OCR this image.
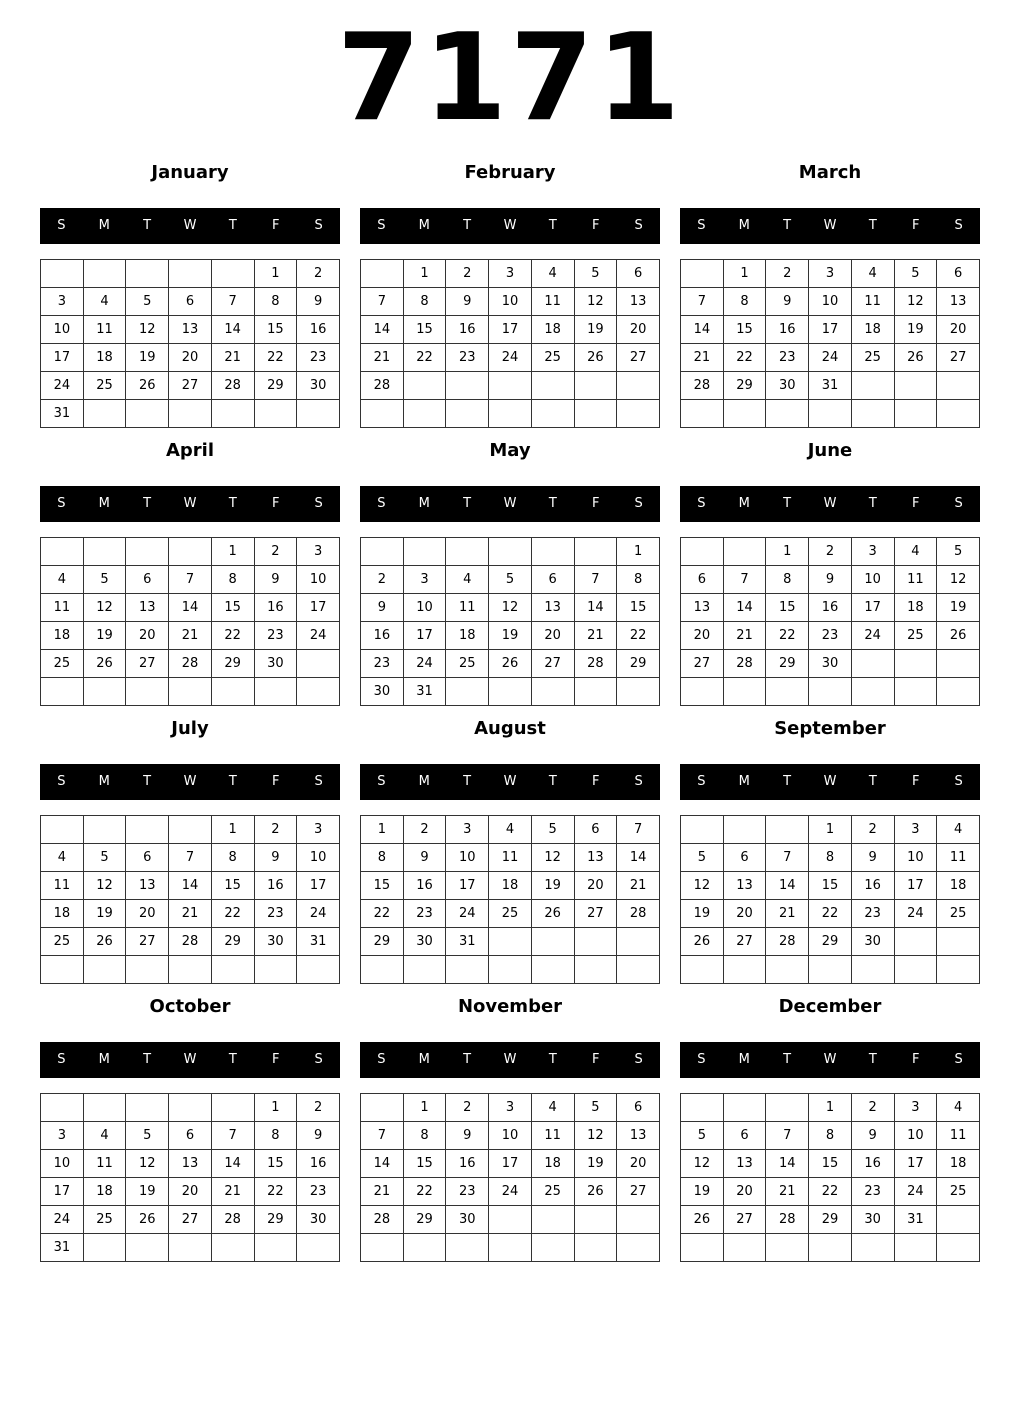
7171
January
S	M	T	W	T	F	S
					1	2
3	4	5	6	7	8	9
10	11	12	13	14	15	16
17	18	19	20	21	22	23
24	25	26	27	28	29	30
31						
February
S	M	T	W	T	F	S
	1	2	3	4	5	6
7	8	9	10	11	12	13
14	15	16	17	18	19	20
21	22	23	24	25	26	27
28						

March
S	M	T	W	T	F	S
	1	2	3	4	5	6
7	8	9	10	11	12	13
14	15	16	17	18	19	20
21	22	23	24	25	26	27
28	29	30	31			

April
S	M	T	W	T	F	S
				1	2	3
4	5	6	7	8	9	10
11	12	13	14	15	16	17
18	19	20	21	22	23	24
25	26	27	28	29	30	

May
S	M	T	W	T	F	S
						1
2	3	4	5	6	7	8
9	10	11	12	13	14	15
16	17	18	19	20	21	22
23	24	25	26	27	28	29
30	31					
June
S	M	T	W	T	F	S
		1	2	3	4	5
6	7	8	9	10	11	12
13	14	15	16	17	18	19
20	21	22	23	24	25	26
27	28	29	30			

July
S	M	T	W	T	F	S
				1	2	3
4	5	6	7	8	9	10
11	12	13	14	15	16	17
18	19	20	21	22	23	24
25	26	27	28	29	30	31

August
S	M	T	W	T	F	S
1	2	3	4	5	6	7
8	9	10	11	12	13	14
15	16	17	18	19	20	21
22	23	24	25	26	27	28
29	30	31				

September
S	M	T	W	T	F	S
			1	2	3	4
5	6	7	8	9	10	11
12	13	14	15	16	17	18
19	20	21	22	23	24	25
26	27	28	29	30		

October
S	M	T	W	T	F	S
					1	2
3	4	5	6	7	8	9
10	11	12	13	14	15	16
17	18	19	20	21	22	23
24	25	26	27	28	29	30
31						
November
S	M	T	W	T	F	S
	1	2	3	4	5	6
7	8	9	10	11	12	13
14	15	16	17	18	19	20
21	22	23	24	25	26	27
28	29	30				

December
S	M	T	W	T	F	S
			1	2	3	4
5	6	7	8	9	10	11
12	13	14	15	16	17	18
19	20	21	22	23	24	25
26	27	28	29	30	31	
